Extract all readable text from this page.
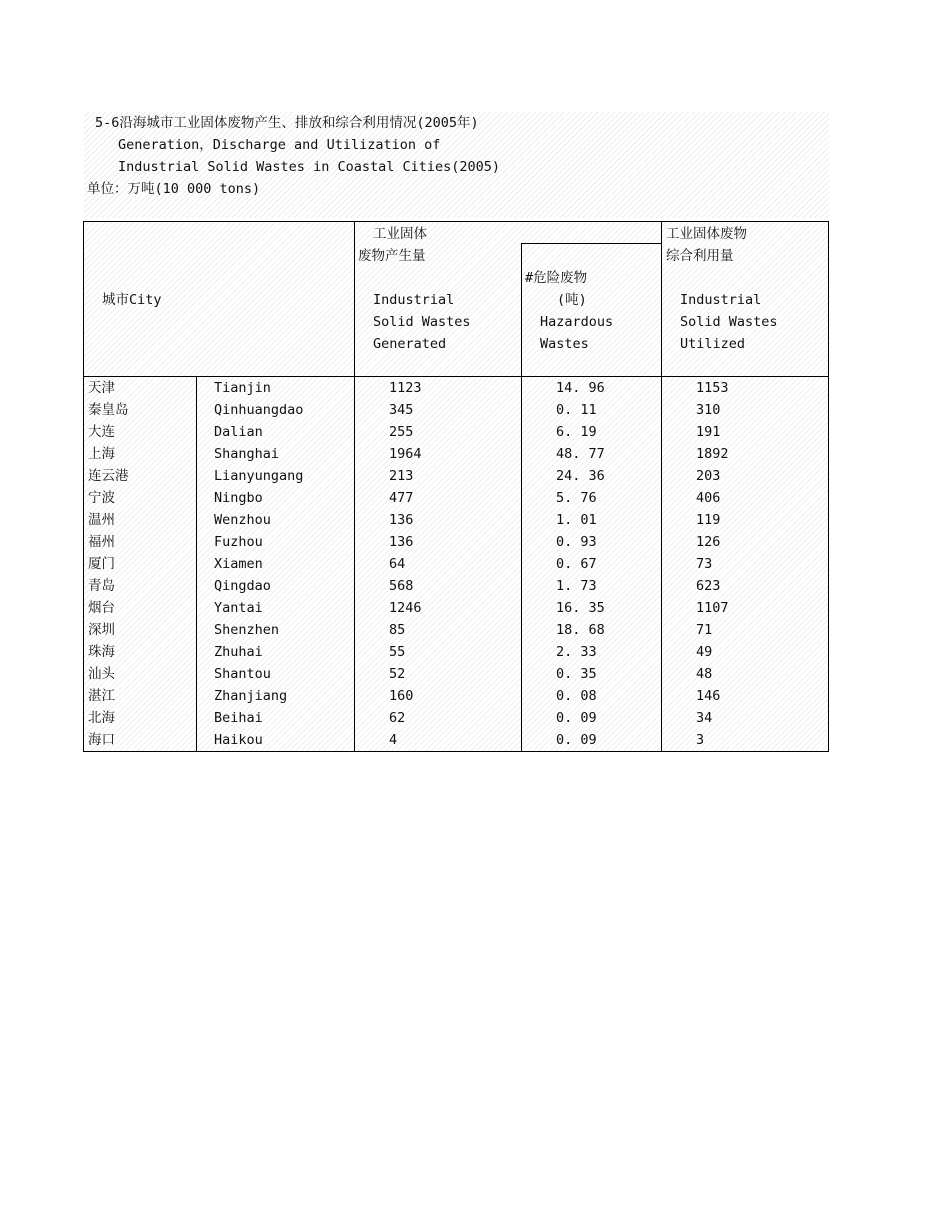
5-6沿海城市工业固体废物产生、排放和综合利用情况(2005年)
Generation，Discharge and Utilization of
Industrial Solid Wastes in Coastal Cities(2005)
单位：万吨(10 000 tons)
城市City
工业固体
废物产生量
Industrial
Solid Wastes
Generated
#危险废物
(吨)
Hazardous
Wastes
工业固体废物
综合利用量
Industrial
Solid Wastes
Utilized
天津	Tianjin	1123	14. 96	1153
秦皇岛	Qinhuangdao	345	0. 11	310
大连	Dalian	255	6. 19	191
上海	Shanghai	1964	48. 77	1892
连云港	Lianyungang	213	24. 36	203
宁波	Ningbo	477	5. 76	406
温州	Wenzhou	136	1. 01	119
福州	Fuzhou	136	0. 93	126
厦门	Xiamen	64	0. 67	73
青岛	Qingdao	568	1. 73	623
烟台	Yantai	1246	16. 35	1107
深圳	Shenzhen	85	18. 68	71
珠海	Zhuhai	55	2. 33	49
汕头	Shantou	52	0. 35	48
湛江	Zhanjiang	160	0. 08	146
北海	Beihai	62	0. 09	34
海口	Haikou	4	0. 09	3
